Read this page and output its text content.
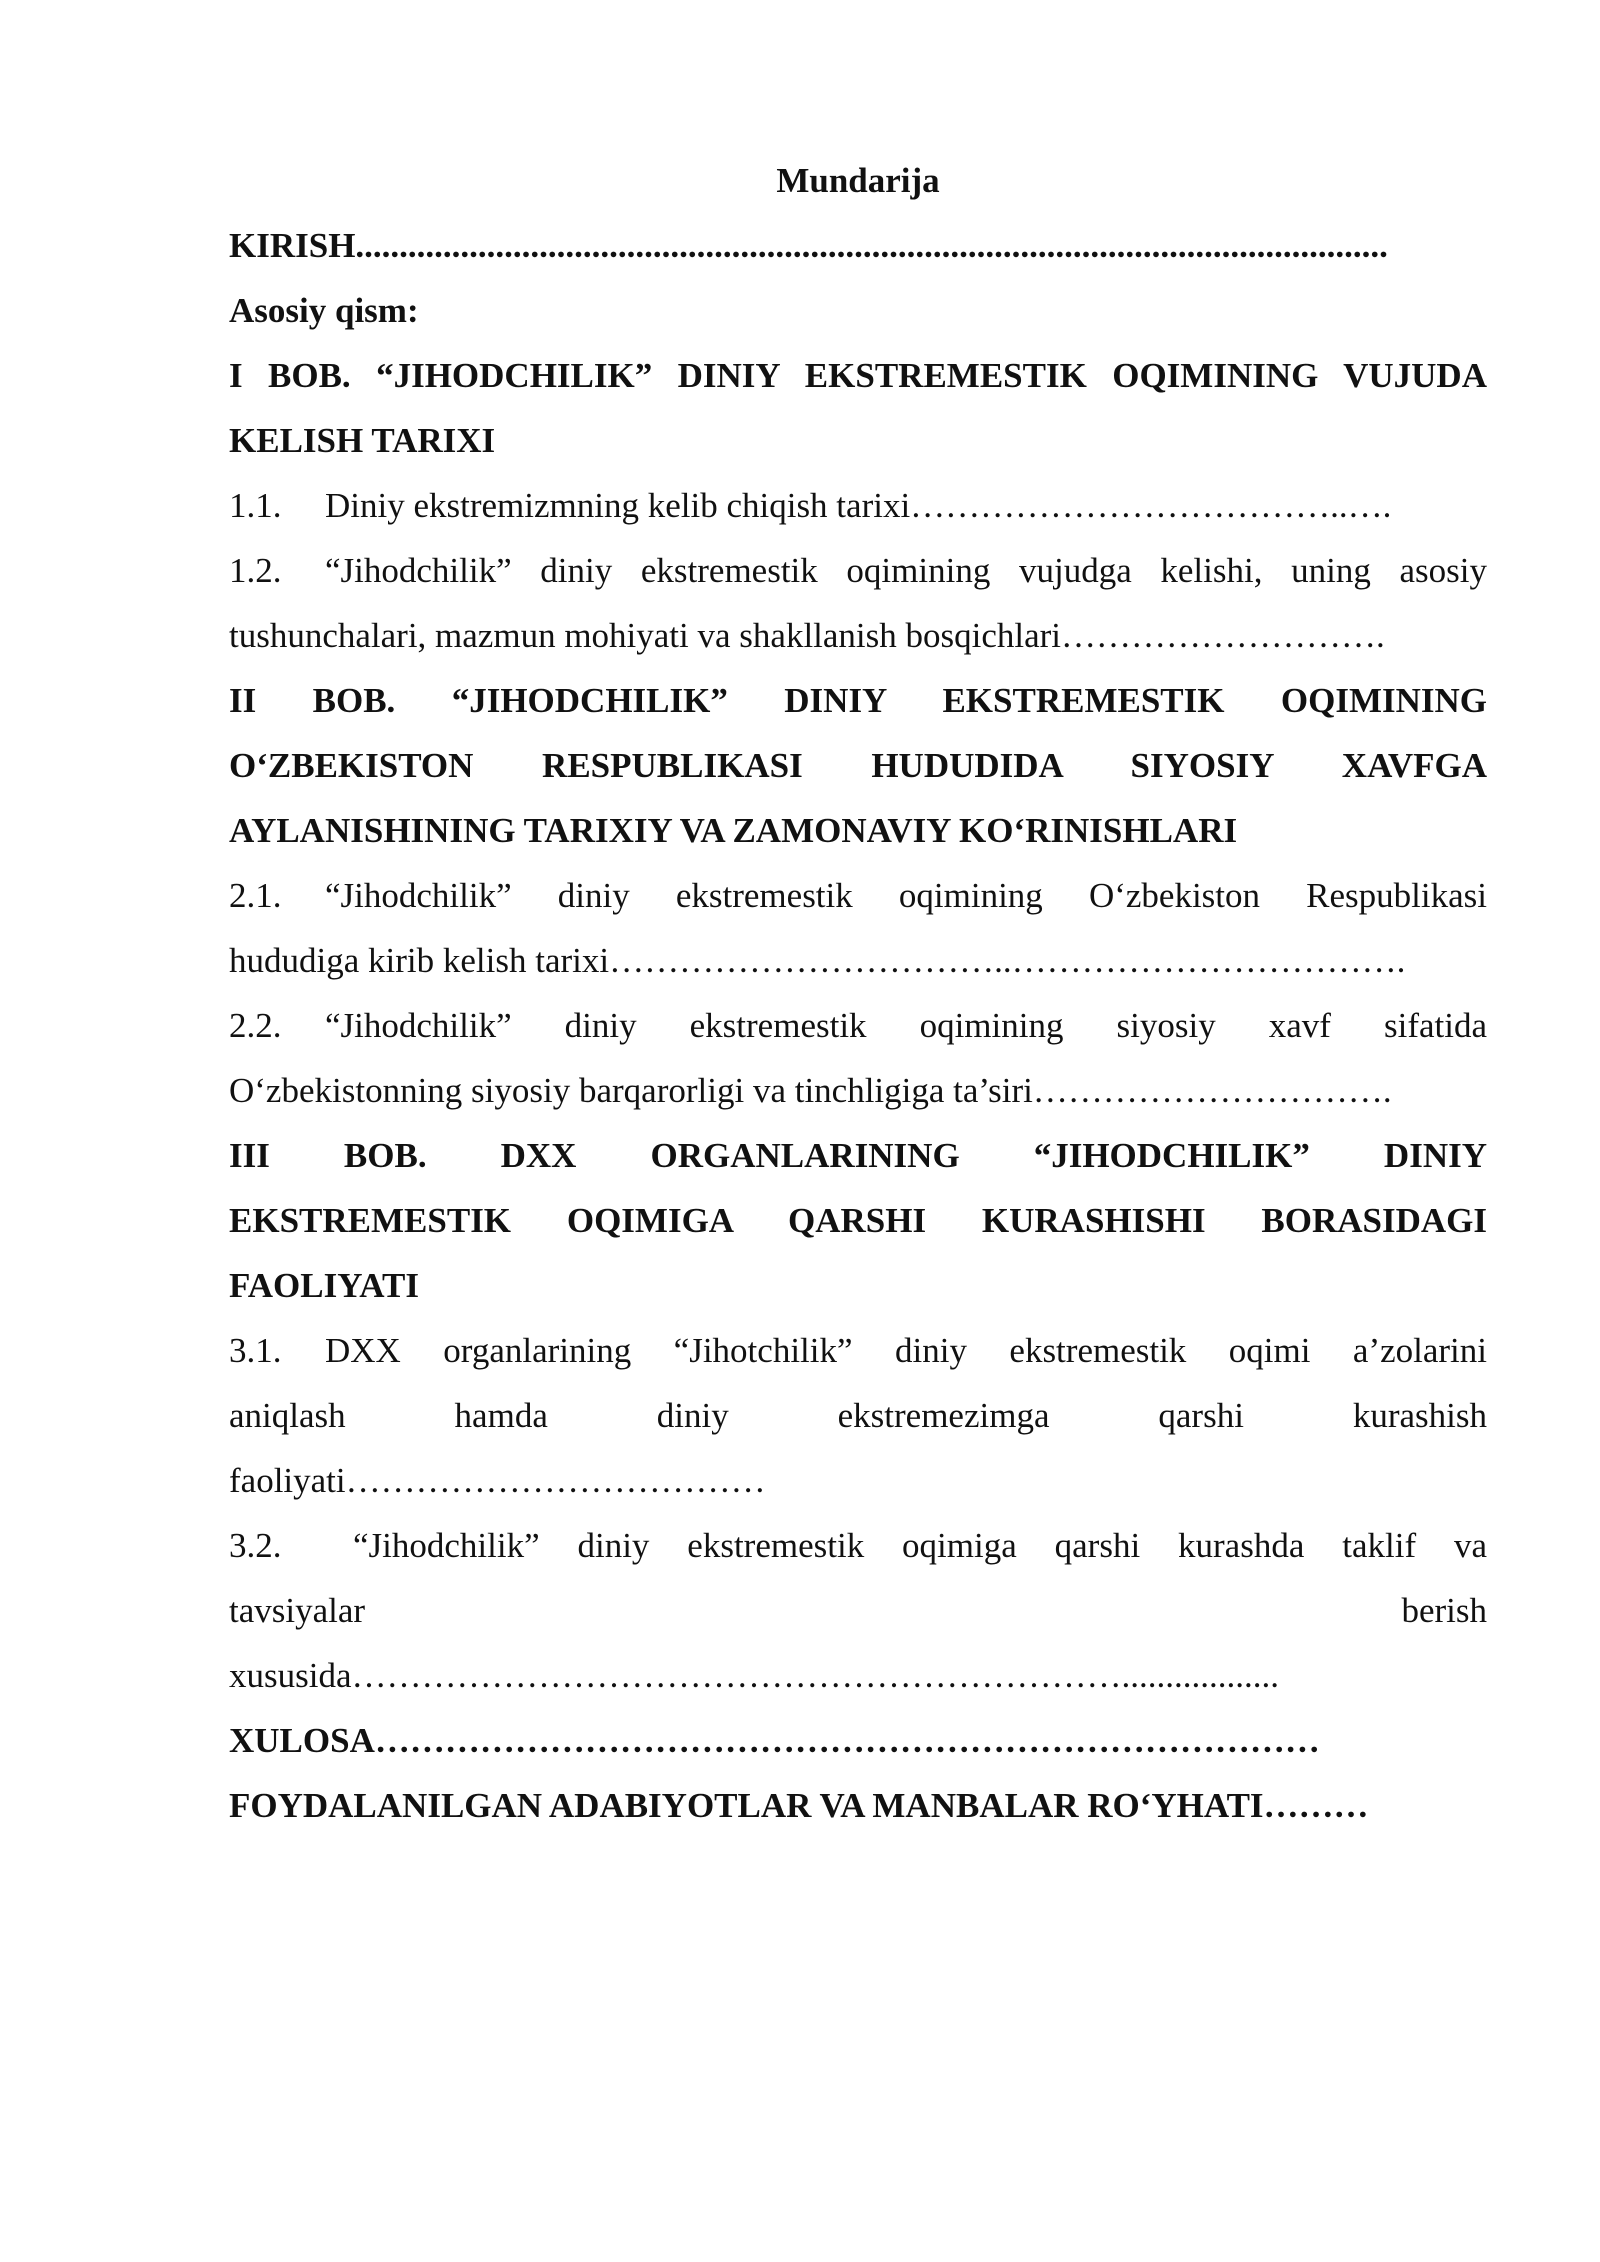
Mundarija

KIRISH......................................................................................................................

Asosiy qism:

I BOB. “JIHODCHILIK” DINIY EKSTREMESTIK OQIMINING VUJUDA
KELISH TARIXI

1.1. Diniy ekstremizmning kelib chiqish tarixi………………………………..….

1.2.	“Jihodchilik” diniy ekstremestik oqimining vujudga kelishi, uning asosiy

tushunchalari, mazmun mohiyati va shakllanish bosqichlari……………………….

II BOB. “JIHODCHILIK” DINIY EKSTREMESTIK OQIMINING
O‘ZBEKISTON RESPUBLIKASI HUDUDIDA SIYOSIY XAVFGA
AYLANISHINING TARIXIY VA ZAMONAVIY KO‘RINISHLARI

2.1.	“Jihodchilik” diniy ekstremestik oqimining O‘zbekiston Respublikasi

hududiga kirib kelish tarixi……………………………..…………………………….

2.2.	“Jihodchilik” diniy ekstremestik oqimining siyosiy xavf sifatida

O‘zbekistonning siyosiy barqarorligi va tinchligiga ta’siri………………………….

III BOB. DXX ORGANLARINING “JIHODCHILIK” DINIY
EKSTREMESTIK OQIMIGA QARSHI KURASHISHI BORASIDAGI
FAOLIYATI

3.1.	DXX organlarining “Jihotchilik” diniy ekstremestik oqimi a’zolarini

aniqlash hamda diniy ekstremezimga qarshi kurashish

faoliyati………………………………

3.2.	“Jihodchilik” diniy ekstremestik oqimiga qarshi kurashda taklif va

tavsiyalar berish

xususida…………………………………………………………..................

XULOSA………………………………………………………………………

FOYDALANILGAN ADABIYOTLAR VA MANBALAR RO‘YHATI………
